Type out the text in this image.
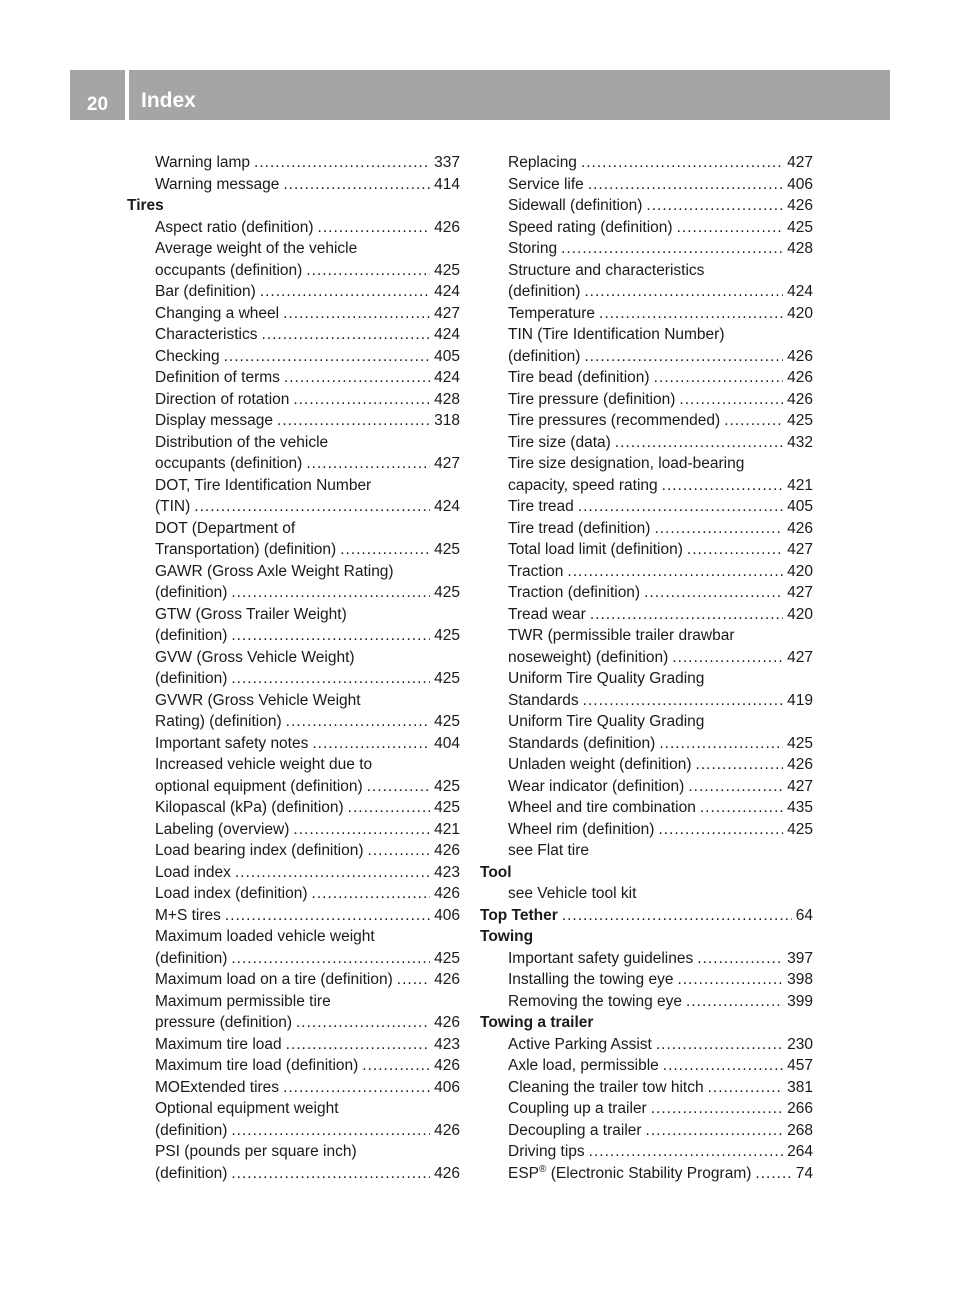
20	Index
Warning lamp .....	337
Warning message .....	414
Tires
Aspect ratio (definition) .....	426
Average weight of the vehicle
occupants (definition) .....	425
Bar (definition) .....	424
Changing a wheel .....	427
Characteristics .....	424
Checking .....	405
Definition of terms .....	424
Direction of rotation .....	428
Display message .....	318
Distribution of the vehicle
occupants (definition) .....	427
DOT, Tire Identification Number
(TIN) .....	424
DOT (Department of
Transportation) (definition) .....	425
GAWR (Gross Axle Weight Rating)
(definition) .....	425
GTW (Gross Trailer Weight)
(definition) .....	425
GVW (Gross Vehicle Weight)
(definition) .....	425
GVWR (Gross Vehicle Weight
Rating) (definition) .....	425
Important safety notes .....	404
Increased vehicle weight due to
optional equipment (definition) .....	425
Kilopascal (kPa) (definition) .....	425
Labeling (overview) .....	421
Load bearing index (definition) .....	426
Load index .....	423
Load index (definition) .....	426
M+S tires .....	406
Maximum loaded vehicle weight
(definition) .....	425
Maximum load on a tire (definition) .....	426
Maximum permissible tire
pressure (definition) .....	426
Maximum tire load .....	423
Maximum tire load (definition) .....	426
MOExtended tires .....	406
Optional equipment weight
(definition) .....	426
PSI (pounds per square inch)
(definition) .....	426
Replacing .....	427
Service life .....	406
Sidewall (definition) .....	426
Speed rating (definition) .....	425
Storing .....	428
Structure and characteristics
(definition) .....	424
Temperature .....	420
TIN (Tire Identification Number)
(definition) .....	426
Tire bead (definition) .....	426
Tire pressure (definition) .....	426
Tire pressures (recommended) .....	425
Tire size (data) .....	432
Tire size designation, load-bearing
capacity, speed rating .....	421
Tire tread .....	405
Tire tread (definition) .....	426
Total load limit (definition) .....	427
Traction .....	420
Traction (definition) .....	427
Tread wear .....	420
TWR (permissible trailer drawbar
noseweight) (definition) .....	427
Uniform Tire Quality Grading
Standards .....	419
Uniform Tire Quality Grading
Standards (definition) .....	425
Unladen weight (definition) .....	426
Wear indicator (definition) .....	427
Wheel and tire combination .....	435
Wheel rim (definition) .....	425
see Flat tire
Tool
see Vehicle tool kit
Top Tether .....	64
Towing
Important safety guidelines .....	397
Installing the towing eye .....	398
Removing the towing eye .....	399
Towing a trailer
Active Parking Assist .....	230
Axle load, permissible .....	457
Cleaning the trailer tow hitch .....	381
Coupling up a trailer .....	266
Decoupling a trailer .....	268
Driving tips .....	264
ESP® (Electronic Stability Program) .....	74
